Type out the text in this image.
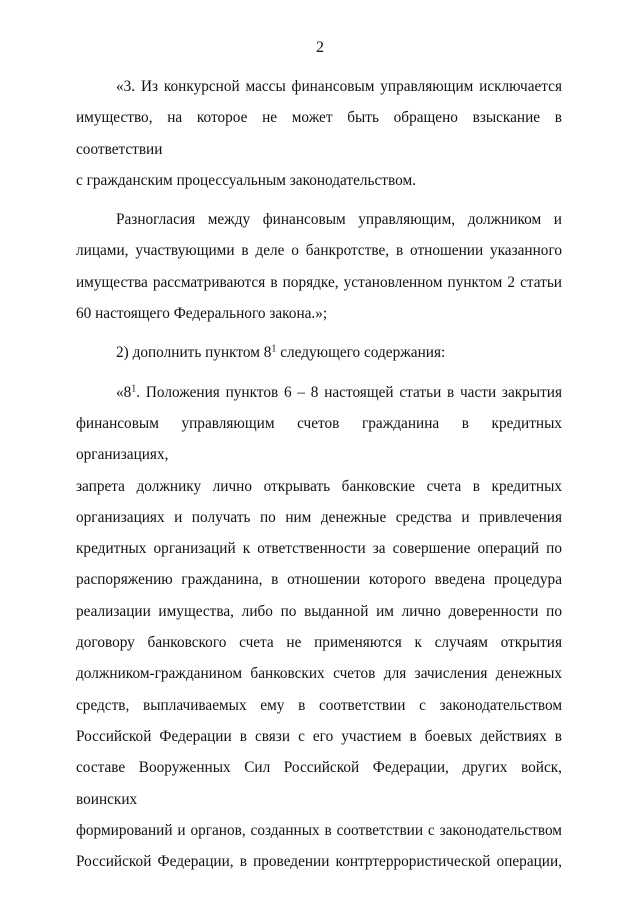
2

«3. Из конкурсной массы финансовым управляющим исключается
имущество, на которое не может быть обращено взыскание в соответствии
с гражданским процессуальным законодательством.

Разногласия между финансовым управляющим, должником и
лицами, участвующими в деле о банкротстве, в отношении указанного
имущества рассматриваются в порядке, установленном пунктом 2 статьи
60 настоящего Федерального закона.»;

2) дополнить пунктом $8^1$ следующего содержания:

«$8^1$. Положения пунктов 6 – 8 настоящей статьи в части закрытия
финансовым управляющим счетов гражданина в кредитных организациях,
запрета должнику лично открывать банковские счета в кредитных
организациях и получать по ним денежные средства и привлечения
кредитных организаций к ответственности за совершение операций по
распоряжению гражданина, в отношении которого введена процедура
реализации имущества, либо по выданной им лично доверенности по
договору банковского счета не применяются к случаям открытия
должником-гражданином банковских счетов для зачисления денежных
средств, выплачиваемых ему в соответствии с законодательством
Российской Федерации в связи с его участием в боевых действиях в
составе Вооруженных Сил Российской Федерации, других войск, воинских
формирований и органов, созданных в соответствии с законодательством
Российской Федерации, в проведении контртеррористической операции,
